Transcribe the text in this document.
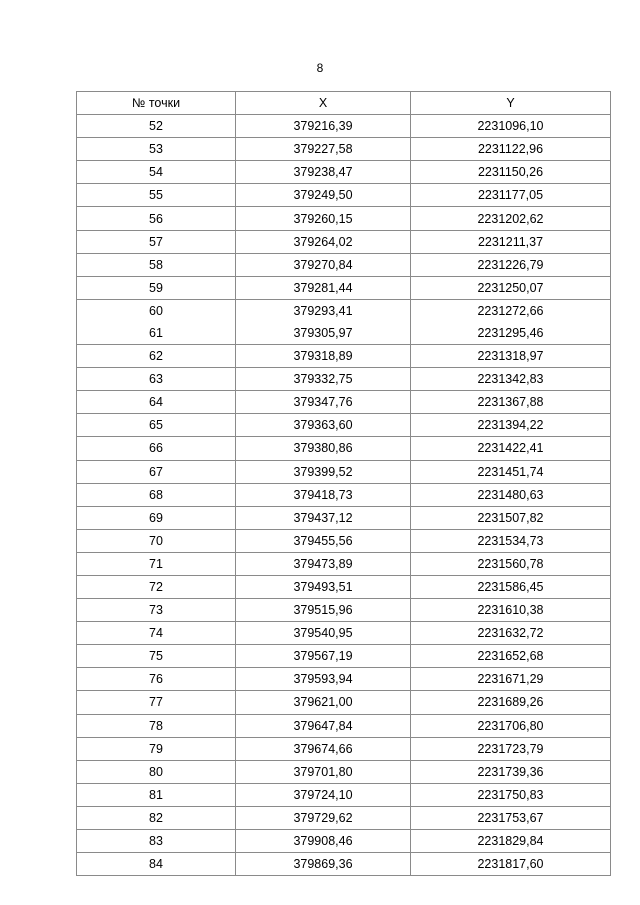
8
№ точки	X	Y
52	379216,39	2231096,10
53	379227,58	2231122,96
54	379238,47	2231150,26
55	379249,50	2231177,05
56	379260,15	2231202,62
57	379264,02	2231211,37
58	379270,84	2231226,79
59	379281,44	2231250,07
60	379293,41	2231272,66
61	379305,97	2231295,46
62	379318,89	2231318,97
63	379332,75	2231342,83
64	379347,76	2231367,88
65	379363,60	2231394,22
66	379380,86	2231422,41
67	379399,52	2231451,74
68	379418,73	2231480,63
69	379437,12	2231507,82
70	379455,56	2231534,73
71	379473,89	2231560,78
72	379493,51	2231586,45
73	379515,96	2231610,38
74	379540,95	2231632,72
75	379567,19	2231652,68
76	379593,94	2231671,29
77	379621,00	2231689,26
78	379647,84	2231706,80
79	379674,66	2231723,79
80	379701,80	2231739,36
81	379724,10	2231750,83
82	379729,62	2231753,67
83	379908,46	2231829,84
84	379869,36	2231817,60
